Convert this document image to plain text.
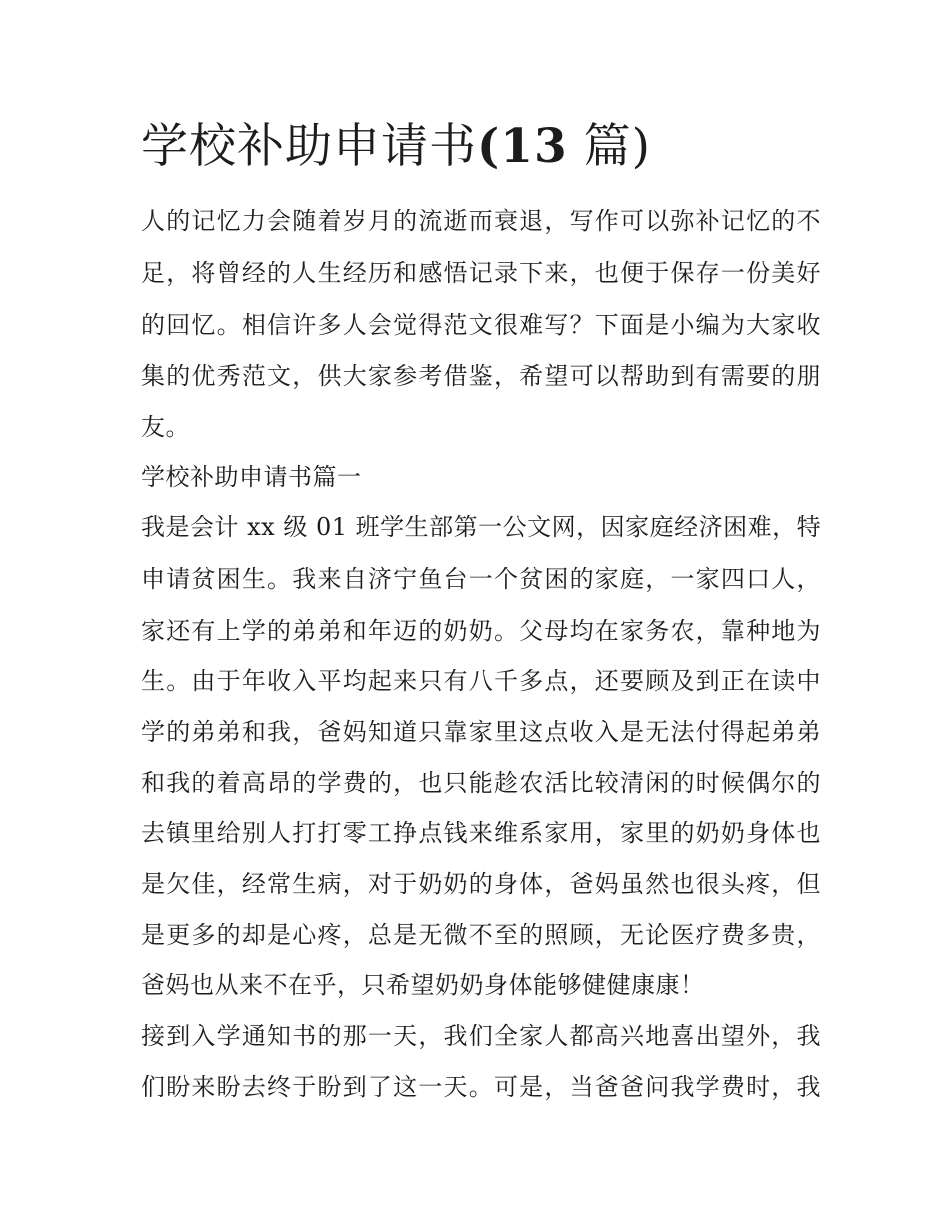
学校补助申请书(13 篇)
人的记忆力会随着岁月的流逝而衰退，写作可以弥补记忆的不
足，将曾经的人生经历和感悟记录下来，也便于保存一份美好
的回忆。相信许多人会觉得范文很难写？下面是小编为大家收
集的优秀范文，供大家参考借鉴，希望可以帮助到有需要的朋
友。
学校补助申请书篇一
我是会计 xx 级 01 班学生部第一公文网，因家庭经济困难，特
申请贫困生。我来自济宁鱼台一个贫困的家庭，一家四口人，
家还有上学的弟弟和年迈的奶奶。父母均在家务农，靠种地为
生。由于年收入平均起来只有八千多点，还要顾及到正在读中
学的弟弟和我，爸妈知道只靠家里这点收入是无法付得起弟弟
和我的着高昂的学费的，也只能趁农活比较清闲的时候偶尔的
去镇里给别人打打零工挣点钱来维系家用，家里的奶奶身体也
是欠佳，经常生病，对于奶奶的身体，爸妈虽然也很头疼，但
是更多的却是心疼，总是无微不至的照顾，无论医疗费多贵，
爸妈也从来不在乎，只希望奶奶身体能够健健康康！
接到入学通知书的那一天，我们全家人都高兴地喜出望外，我
们盼来盼去终于盼到了这一天。可是，当爸爸问我学费时，我
